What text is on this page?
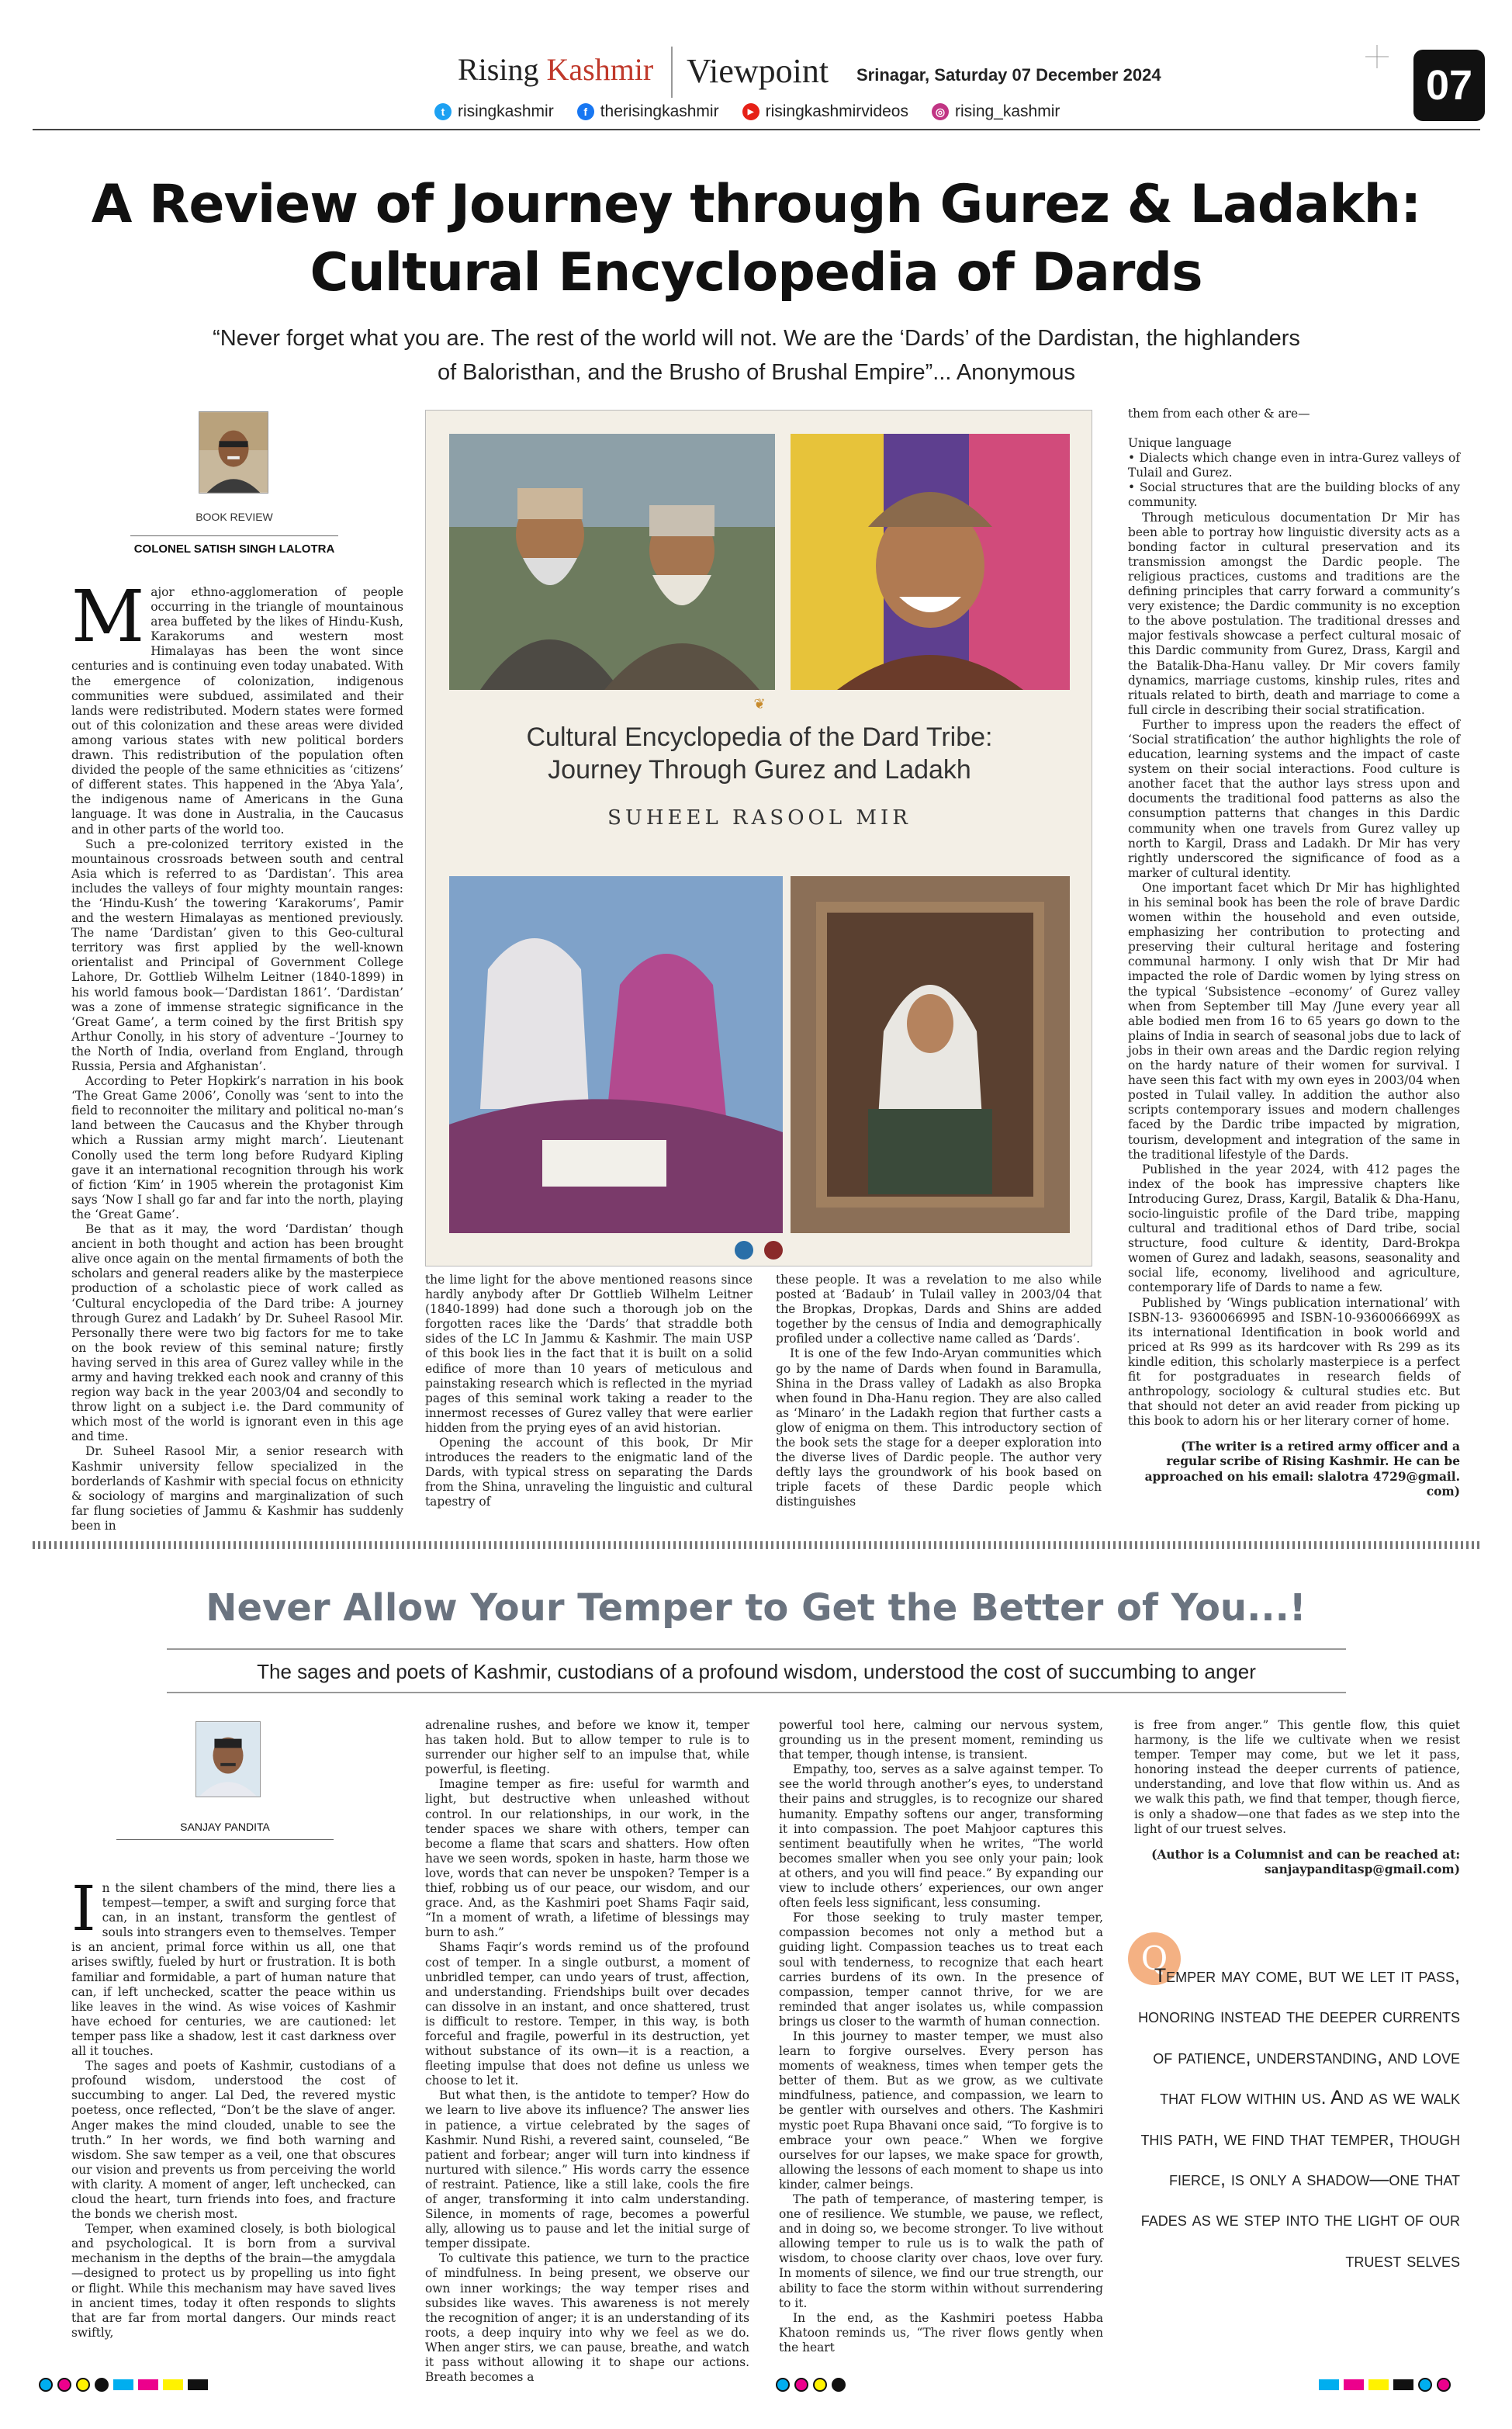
Rising Kashmir Viewpoint Srinagar, Saturday 07 December 2024	07
t risingkashmir	f therisingkashmir	▶ risingkashmirvideos	◎ rising_kashmir
A Review of Journey through Gurez & Ladakh:
Cultural Encyclopedia of Dards
“Never forget what you are. The rest of the world will not. We are the ‘Dards’ of the Dardistan, the highlanders
of Baloristhan, and the Brusho of Brushal Empire”... Anonymous
BOOK REVIEW
COLONEL SATISH SINGH LALOTRA

Major ethno-agglomeration of people occurring in the triangle of mountainous area buffeted by the likes of Hindu-Kush, Karakorums and western most Himalayas has been the wont since centuries and is continuing even today unabated. With the emergence of colonization, indigenous communities were subdued, assimilated and their lands were redistributed. Modern states were formed out of this colonization and these areas were divided among various states with new political borders drawn. This redistribution of the population often divided the people of the same ethnicities as ‘citizens’ of different states. This happened in the ‘Abya Yala’, the indigenous name of Americans in the Guna language. It was done in Australia, in the Caucasus and in other parts of the world too.

Such a pre-colonized territory existed in the mountainous crossroads between south and central Asia which is referred to as ‘Dardistan’. This area includes the valleys of four mighty mountain ranges: the ‘Hindu-Kush’ the towering ‘Karakorums’, Pamir and the western Himalayas as mentioned previously. The name ‘Dardistan’ given to this Geo-cultural territory was first applied by the well-known orientalist and Principal of Government College Lahore, Dr. Gottlieb Wilhelm Leitner (1840-1899) in his world famous book—‘Dardistan 1861’. ‘Dardistan’ was a zone of immense strategic significance in the ‘Great Game’, a term coined by the first British spy Arthur Conolly, in his story of adventure –‘Journey to the North of India, overland from England, through Russia, Persia and Afghanistan’.

According to Peter Hopkirk’s narration in his book ‘The Great Game 2006’, Conolly was ‘sent to into the field to reconnoiter the military and political no-man’s land between the Caucasus and the Khyber through which a Russian army might march’. Lieutenant Conolly used the term long before Rudyard Kipling gave it an international recognition through his work of fiction ‘Kim’ in 1905 wherein the protagonist Kim says ‘Now I shall go far and far into the north, playing the ‘Great Game’.

Be that as it may, the word ‘Dardistan’ though ancient in both thought and action has been brought alive once again on the mental firmaments of both the scholars and general readers alike by the masterpiece production of a scholastic piece of work called as ‘Cultural encyclopedia of the Dard tribe: A journey through Gurez and Ladakh’ by Dr. Suheel Rasool Mir. Personally there were two big factors for me to take on the book review of this seminal nature; firstly having served in this area of Gurez valley while in the army and having trekked each nook and cranny of this region way back in the year 2003/04 and secondly to throw light on a subject i.e. the Dard community of which most of the world is ignorant even in this age and time.

Dr. Suheel Rasool Mir, a senior research with Kashmir university fellow specialized in the borderlands of Kashmir with special focus on ethnicity & sociology of margins and marginalization of such far flung societies of Jammu & Kashmir has suddenly been in

❦
Cultural Encyclopedia of the Dard Tribe:
Journey Through Gurez and Ladakh
SUHEEL RASOOL MIR

the lime light for the above mentioned reasons since hardly anybody after Dr Gottlieb Wilhelm Leitner (1840-1899) had done such a thorough job on the forgotten races like the ‘Dards’ that straddle both sides of the LC In Jammu & Kashmir. The main USP of this book lies in the fact that it is built on a solid edifice of more than 10 years of meticulous and painstaking research which is reflected in the myriad pages of this seminal work taking a reader to the innermost recesses of Gurez valley that were earlier hidden from the prying eyes of an avid historian.

Opening the account of this book, Dr Mir introduces the readers to the enigmatic land of the Dards, with typical stress on separating the Dards from the Shina, unraveling the linguistic and cultural tapestry of

these people. It was a revelation to me also while posted at ‘Badaub’ in Tulail valley in 2003/04 that the Bropkas, Dropkas, Dards and Shins are added together by the census of India and demographically profiled under a collective name called as ‘Dards’.

It is one of the few Indo-Aryan communities which go by the name of Dards when found in Baramulla, Shina in the Drass valley of Ladakh as also Bropka when found in Dha-Hanu region. They are also called as ‘Minaro’ in the Ladakh region that further casts a glow of enigma on them. This introductory section of the book sets the stage for a deeper exploration into the diverse lives of Dardic people. The author very deftly lays the groundwork of his book based on triple facets of these Dardic people which distinguishes

them from each other & are—

Unique language

• Dialects which change even in intra-Gurez valleys of Tulail and Gurez.

• Social structures that are the building blocks of any community.

Through meticulous documentation Dr Mir has been able to portray how linguistic diversity acts as a bonding factor in cultural preservation and its transmission amongst the Dardic people. The religious practices, customs and traditions are the defining principles that carry forward a community’s very existence; the Dardic community is no exception to the above postulation. The traditional dresses and major festivals showcase a perfect cultural mosaic of this Dardic community from Gurez, Drass, Kargil and the Batalik-Dha-Hanu valley. Dr Mir covers family dynamics, marriage customs, kinship rules, rites and rituals related to birth, death and marriage to come a full circle in describing their social stratification.

Further to impress upon the readers the effect of ‘Social stratification’ the author highlights the role of education, learning systems and the impact of caste system on their social interactions. Food culture is another facet that the author lays stress upon and documents the traditional food patterns as also the consumption patterns that changes in this Dardic community when one travels from Gurez valley up north to Kargil, Drass and Ladakh. Dr Mir has very rightly underscored the significance of food as a marker of cultural identity.

One important facet which Dr Mir has highlighted in his seminal book has been the role of brave Dardic women within the household and even outside, emphasizing her contribution to protecting and preserving their cultural heritage and fostering communal harmony. I only wish that Dr Mir had impacted the role of Dardic women by lying stress on the typical ‘Subsistence –economy’ of Gurez valley when from September till May /June every year all able bodied men from 16 to 65 years go down to the plains of India in search of seasonal jobs due to lack of jobs in their own areas and the Dardic region relying on the hardy nature of their women for survival. I have seen this fact with my own eyes in 2003/04 when posted in Tulail valley. In addition the author also scripts contemporary issues and modern challenges faced by the Dardic tribe impacted by migration, tourism, development and integration of the same in the traditional lifestyle of the Dards.

Published in the year 2024, with 412 pages the index of the book has impressive chapters like Introducing Gurez, Drass, Kargil, Batalik & Dha-Hanu, socio-linguistic profile of the Dard tribe, mapping cultural and traditional ethos of Dard tribe, social structure, food culture & identity, Dard-Brokpa women of Gurez and ladakh, seasons, seasonality and social life, economy, livelihood and agriculture, contemporary life of Dards to name a few.

Published by ‘Wings publication international’ with ISBN-13- 9360066995 and ISBN-10-9360066699X as its international Identification in book world and priced at Rs 999 as its hardcover with Rs 299 as its kindle edition, this scholarly masterpiece is a perfect fit for postgraduates in research fields of anthropology, sociology & cultural studies etc. But that should not deter an avid reader from picking up this book to adorn his or her literary corner of home.

(The writer is a retired army officer and a regular scribe of Rising Kashmir. He can be approached on his email: slalotra 4729@gmail. com)

Never Allow Your Temper to Get the Better of You...!
The sages and poets of Kashmir, custodians of a profound wisdom, understood the cost of succumbing to anger
SANJAY PANDITA

In the silent chambers of the mind, there lies a tempest—temper, a swift and surging force that can, in an instant, transform the gentlest of souls into strangers even to themselves. Temper is an ancient, primal force within us all, one that arises swiftly, fueled by hurt or frustration. It is both familiar and formidable, a part of human nature that can, if left unchecked, scatter the peace within us like leaves in the wind. As wise voices of Kashmir have echoed for centuries, we are cautioned: let temper pass like a shadow, lest it cast darkness over all it touches.

The sages and poets of Kashmir, custodians of a profound wisdom, understood the cost of succumbing to anger. Lal Ded, the revered mystic poetess, once reflected, “Don’t be the slave of anger. Anger makes the mind clouded, unable to see the truth.” In her words, we find both warning and wisdom. She saw temper as a veil, one that obscures our vision and prevents us from perceiving the world with clarity. A moment of anger, left unchecked, can cloud the heart, turn friends into foes, and fracture the bonds we cherish most.

Temper, when examined closely, is both biological and psychological. It is born from a survival mechanism in the depths of the brain—the amygdala—designed to protect us by propelling us into fight or flight. While this mechanism may have saved lives in ancient times, today it often responds to slights that are far from mortal dangers. Our minds react swiftly,

adrenaline rushes, and before we know it, temper has taken hold. But to allow temper to rule is to surrender our higher self to an impulse that, while powerful, is fleeting.

Imagine temper as fire: useful for warmth and light, but destructive when unleashed without control. In our relationships, in our work, in the tender spaces we share with others, temper can become a flame that scars and shatters. How often have we seen words, spoken in haste, harm those we love, words that can never be unspoken? Temper is a thief, robbing us of our peace, our wisdom, and our grace. And, as the Kashmiri poet Shams Faqir said, “In a moment of wrath, a lifetime of blessings may burn to ash.”

Shams Faqir’s words remind us of the profound cost of temper. In a single outburst, a moment of unbridled temper, can undo years of trust, affection, and understanding. Friendships built over decades can dissolve in an instant, and once shattered, trust is difficult to restore. Temper, in this way, is both forceful and fragile, powerful in its destruction, yet without substance of its own—it is a reaction, a fleeting impulse that does not define us unless we choose to let it.

But what then, is the antidote to temper? How do we learn to live above its influence? The answer lies in patience, a virtue celebrated by the sages of Kashmir. Nund Rishi, a revered saint, counseled, “Be patient and forbear; anger will turn into kindness if nurtured with silence.” His words carry the essence of restraint. Patience, like a still lake, cools the fire of anger, transforming it into calm understanding. Silence, in moments of rage, becomes a powerful ally, allowing us to pause and let the initial surge of temper dissipate.

To cultivate this patience, we turn to the practice of mindfulness. In being present, we observe our own inner workings; the way temper rises and subsides like waves. This awareness is not merely the recognition of anger; it is an understanding of its roots, a deep inquiry into why we feel as we do. When anger stirs, we can pause, breathe, and watch it pass without allowing it to shape our actions. Breath becomes a

powerful tool here, calming our nervous system, grounding us in the present moment, reminding us that temper, though intense, is transient.

Empathy, too, serves as a salve against temper. To see the world through another’s eyes, to understand their pains and struggles, is to recognize our shared humanity. Empathy softens our anger, transforming it into compassion. The poet Mahjoor captures this sentiment beautifully when he writes, “The world becomes smaller when you see only your pain; look at others, and you will find peace.” By expanding our view to include others’ experiences, our own anger often feels less significant, less consuming.

For those seeking to truly master temper, compassion becomes not only a method but a guiding light. Compassion teaches us to treat each soul with tenderness, to recognize that each heart carries burdens of its own. In the presence of compassion, temper cannot thrive, for we are reminded that anger isolates us, while compassion brings us closer to the warmth of human connection.

In this journey to master temper, we must also learn to forgive ourselves. Every person has moments of weakness, times when temper gets the better of them. But as we grow, as we cultivate mindfulness, patience, and compassion, we learn to be gentler with ourselves and others. The Kashmiri mystic poet Rupa Bhavani once said, “To forgive is to embrace your own peace.” When we forgive ourselves for our lapses, we make space for growth, allowing the lessons of each moment to shape us into kinder, calmer beings.

The path of temperance, of mastering temper, is one of resilience. We stumble, we pause, we reflect, and in doing so, we become stronger. To live without allowing temper to rule us is to walk the path of wisdom, to choose clarity over chaos, love over fury. In moments of silence, we find our true strength, our ability to face the storm within without surrendering to it.

In the end, as the Kashmiri poetess Habba Khatoon reminds us, “The river flows gently when the heart

is free from anger.” This gentle flow, this quiet harmony, is the life we cultivate when we resist temper. Temper may come, but we let it pass, honoring instead the deeper currents of patience, understanding, and love that flow within us. And as we walk this path, we find that temper, though fierce, is only a shadow—one that fades as we step into the light of our truest selves.

(Author is a Columnist and can be reached at: sanjaypanditasp@gmail.com)

Q
Temper may come, but we let it pass, honoring instead the deeper currents of patience, understanding, and love that flow within us. And as we walk this path, we find that temper, though fierce, is only a shadow—one that fades as we step into the light of our truest selves
